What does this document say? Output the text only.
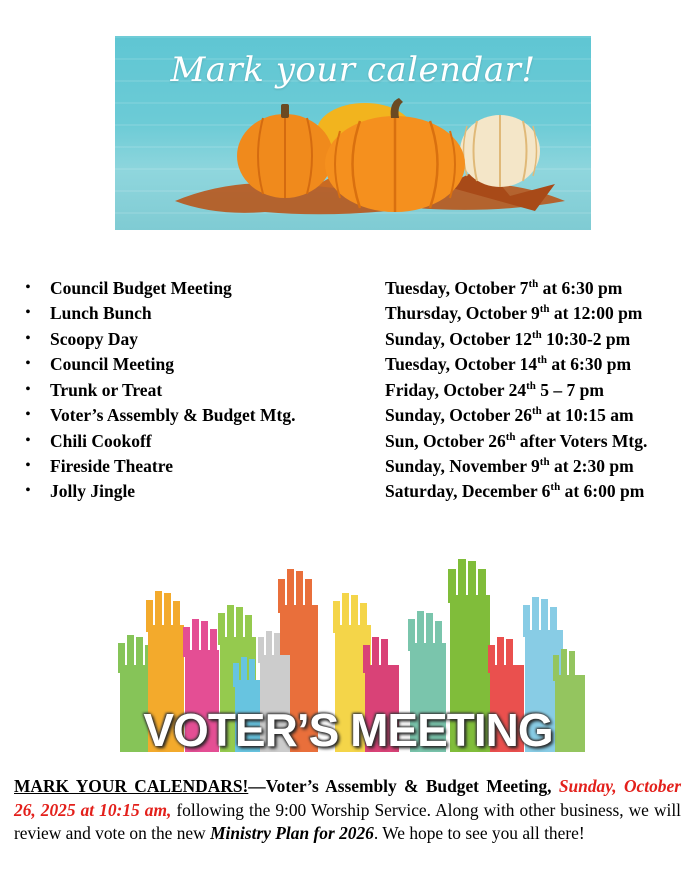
Mark your calendar!
• Council Budget Meeting	Tuesday, October 7th at 6:30 pm
• Lunch Bunch	Thursday, October 9th at 12:00 pm
• Scoopy Day	Sunday, October 12th 10:30-2 pm
• Council Meeting	Tuesday, October 14th at 6:30 pm
• Trunk or Treat	Friday, October 24th 5 – 7 pm
• Voter’s Assembly & Budget Mtg.	Sunday, October 26th at 10:15 am
• Chili Cookoff	Sun, October 26th after Voters Mtg.
• Fireside Theatre	Sunday, November 9th at 2:30 pm
• Jolly Jingle	Saturday, December 6th at 6:00 pm
VOTER’S MEETING
MARK YOUR CALENDARS!—Voter’s Assembly & Budget Meeting, Sunday, October 26, 2025 at 10:15 am, following the 9:00 Worship Service. Along with other business, we will review and vote on the new Ministry Plan for 2026. We hope to see you all there!
